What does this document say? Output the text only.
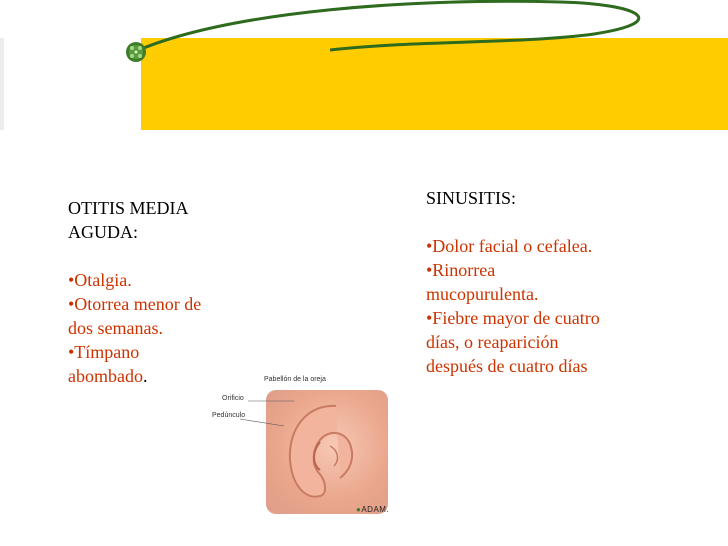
OTITIS MEDIA
AGUDA:
•Otalgia.
•Otorrea menor de
dos semanas.
•Tímpano
abombado.
SINUSITIS:
•Dolor facial o cefalea.
•Rinorrea
mucopurulenta.
•Fiebre mayor de cuatro
días, o reaparición
después de cuatro días
Pabellón de la oreja
Orificio
Pedúnculo
●ADAM.
